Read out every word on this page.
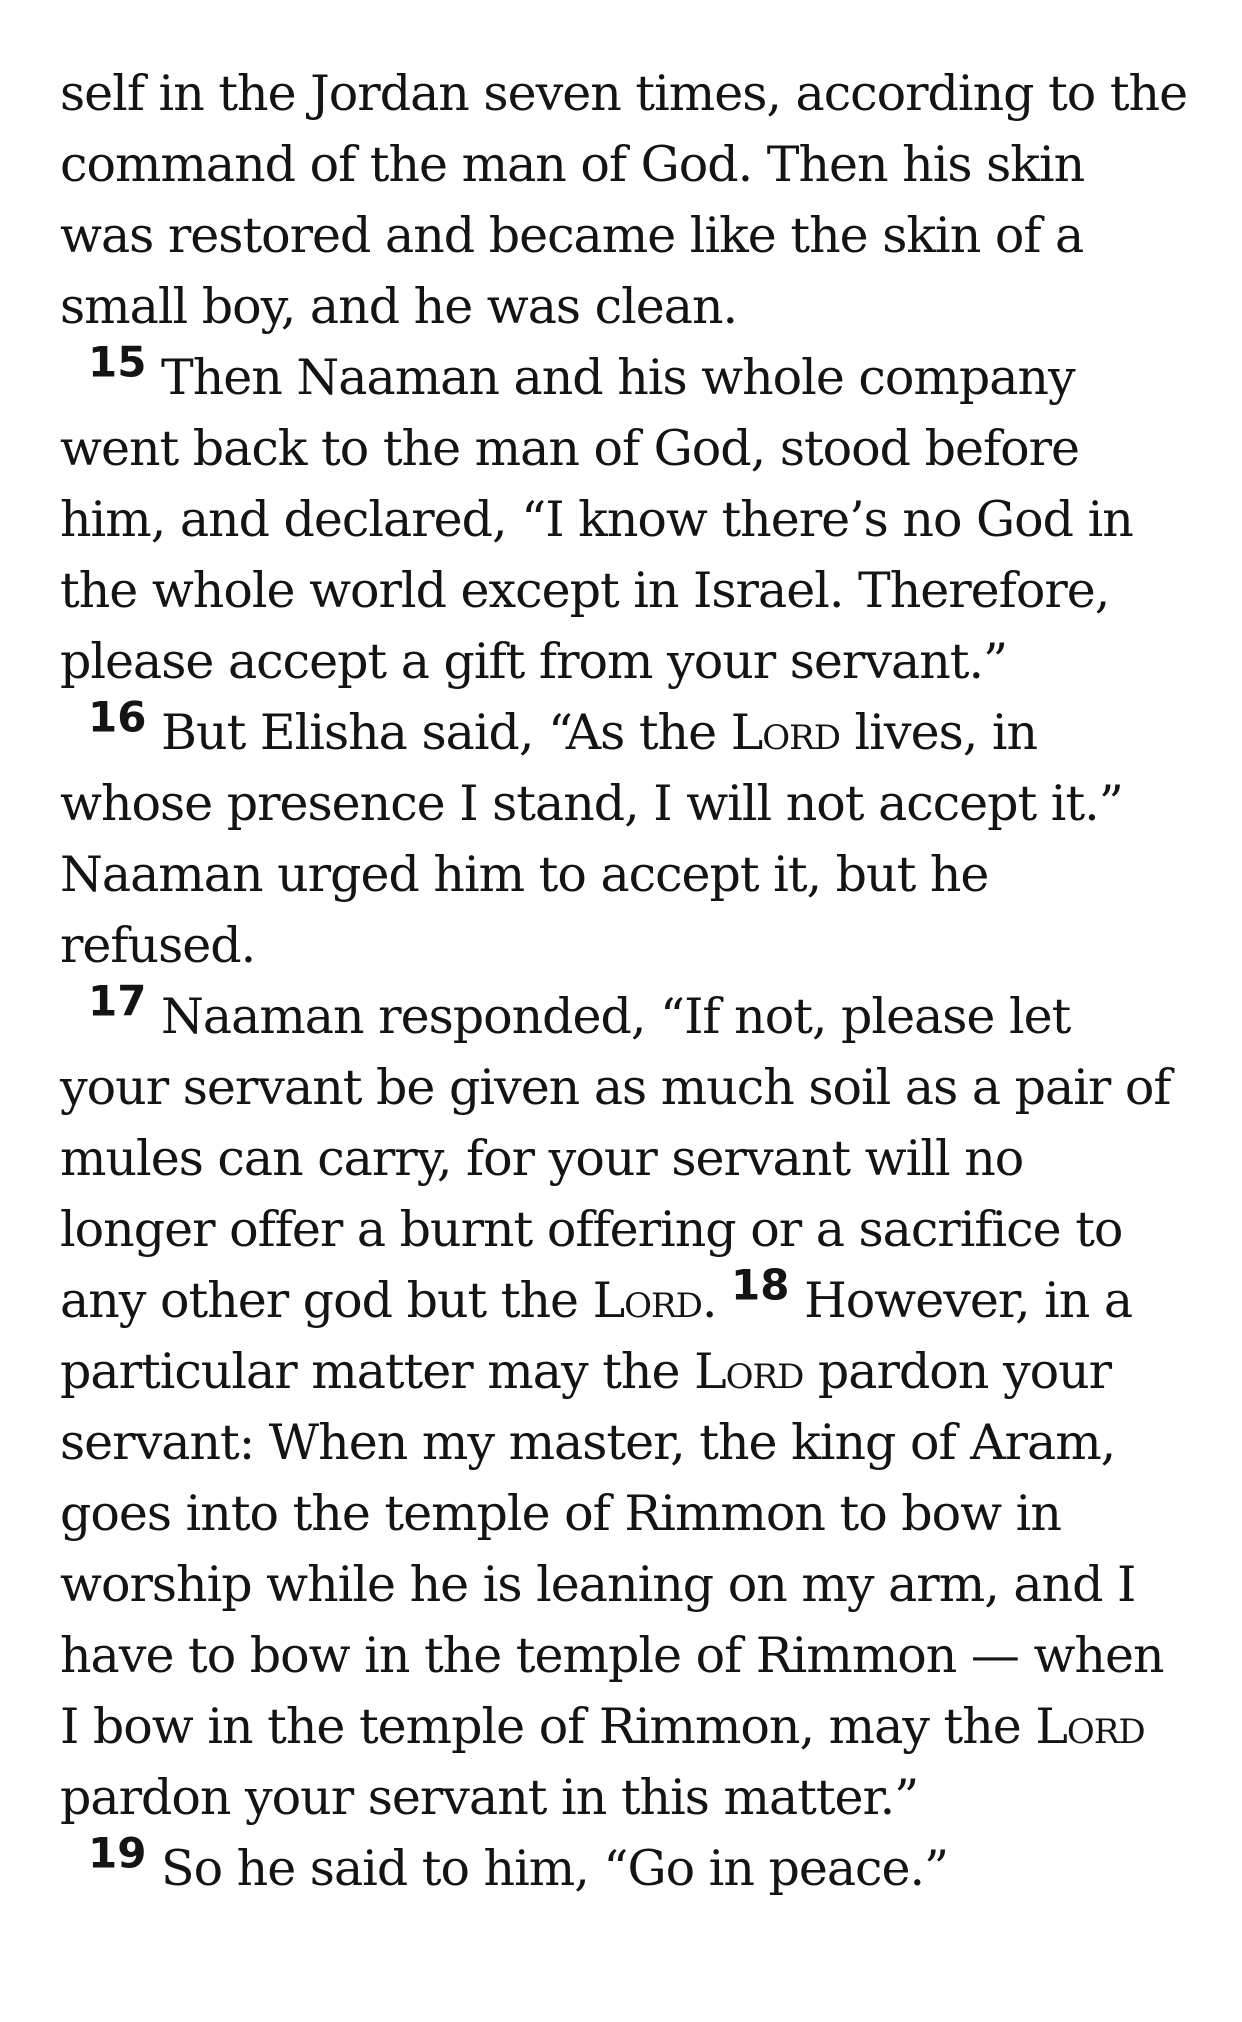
self in the Jordan seven times, according to the command of the man of God. Then his skin was restored and became like the skin of a small boy, and he was clean.

15 Then Naaman and his whole company went back to the man of God, stood before him, and declared, “I know there’s no God in the whole world except in Israel. Therefore, please accept a gift from your servant.”

16 But Elisha said, “As the Lord lives, in whose presence I stand, I will not accept it.” Naaman urged him to accept it, but he refused.

17 Naaman responded, “If not, please let your servant be given as much soil as a pair of mules can carry, for your servant will no longer offer a burnt offering or a sacrifice to any other god but the Lord. 18 However, in a particular matter may the Lord pardon your servant: When my master, the king of Aram, goes into the temple of Rimmon to bow in worship while he is leaning on my arm, and I have to bow in the temple of Rimmon — when I bow in the temple of Rimmon, may the Lord pardon your servant in this matter.”

19 So he said to him, “Go in peace.”
